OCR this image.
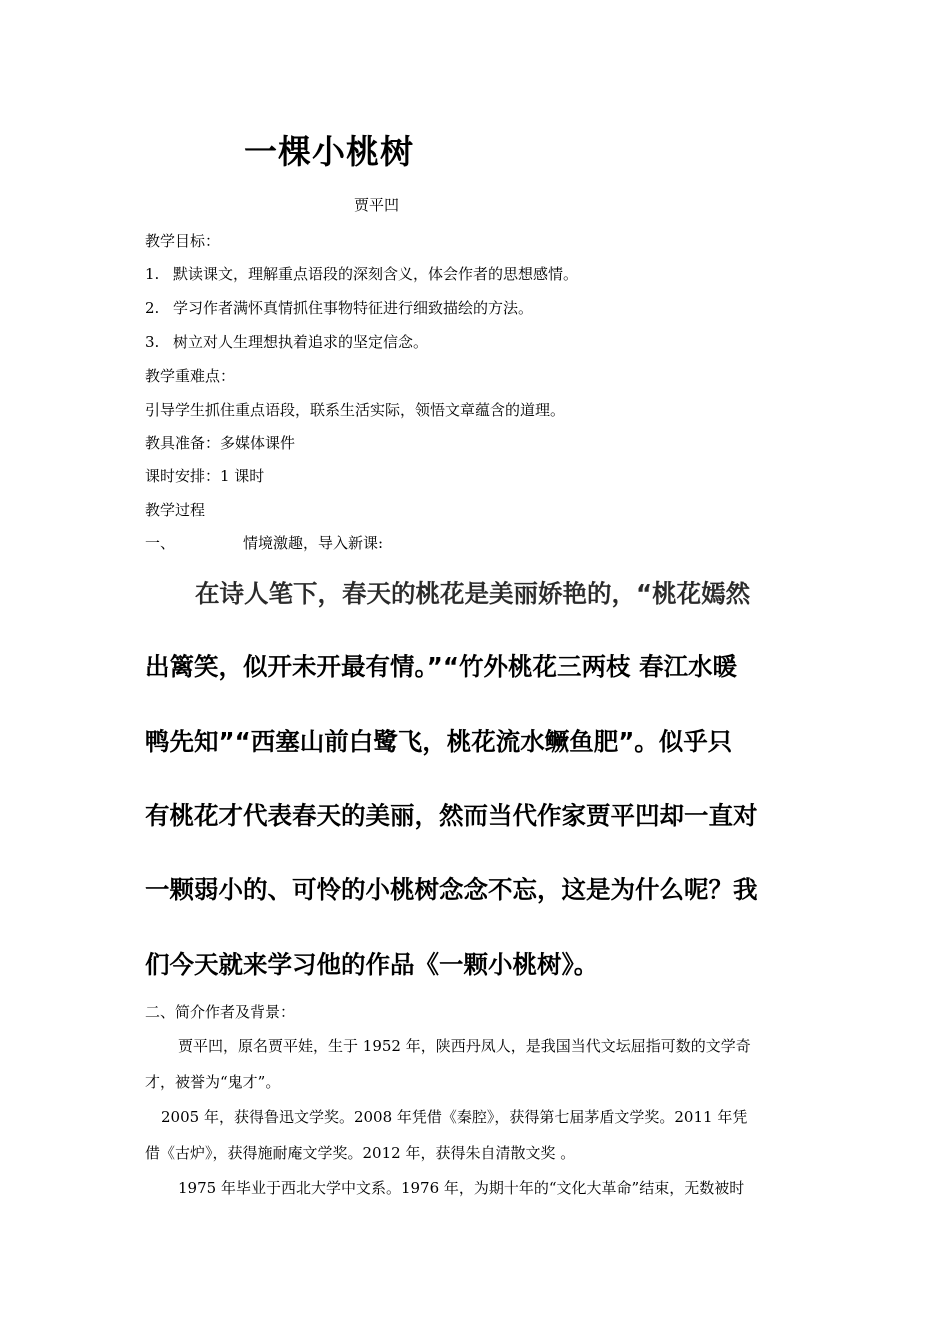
一棵小桃树
贾平凹
教学目标：
1. 默读课文，理解重点语段的深刻含义，体会作者的思想感情。
2. 学习作者满怀真情抓住事物特征进行细致描绘的方法。
3. 树立对人生理想执着追求的坚定信念。
教学重难点：
引导学生抓住重点语段，联系生活实际，领悟文章蕴含的道理。
教具准备：多媒体课件
课时安排：1 课时
教学过程
一、	情境激趣，导入新课:
在诗人笔下，春天的桃花是美丽娇艳的，“桃花嫣然
出篱笑，似开未开最有情。”“竹外桃花三两枝 春江水暖
鸭先知”“西塞山前白鹭飞，桃花流水鳜鱼肥”。似乎只
有桃花才代表春天的美丽，然而当代作家贾平凹却一直对
一颗弱小的、可怜的小桃树念念不忘，这是为什么呢？我
们今天就来学习他的作品《一颗小桃树》。
二、简介作者及背景：
贾平凹，原名贾平娃，生于 1952 年，陕西丹凤人，是我国当代文坛屈指可数的文学奇
才，被誉为“鬼才”。
2005 年，获得鲁迅文学奖。2008 年凭借《秦腔》，获得第七届茅盾文学奖。2011 年凭
借《古炉》，获得施耐庵文学奖。2012 年，获得朱自清散文奖 。
1975 年毕业于西北大学中文系。1976 年，为期十年的“文化大革命”结束，无数被时
